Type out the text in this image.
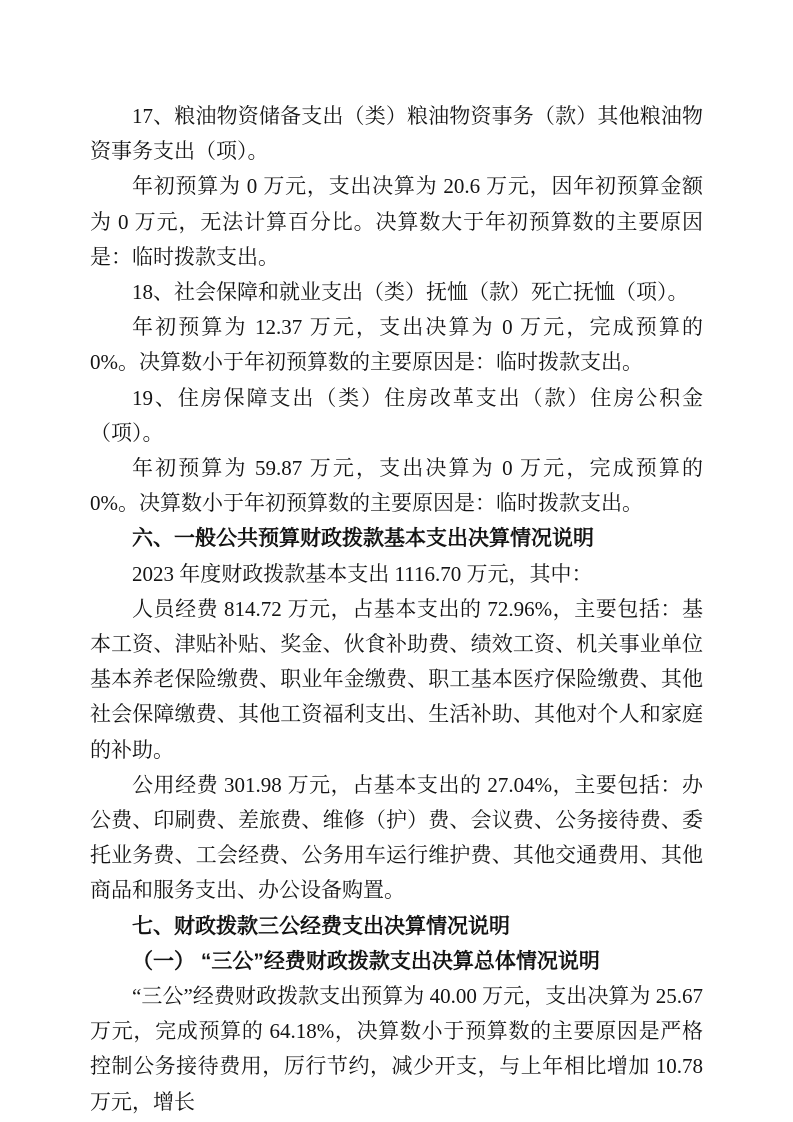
17、粮油物资储备支出（类）粮油物资事务（款）其他粮油物资事务支出（项）。

年初预算为 0 万元，支出决算为 20.6 万元，因年初预算金额为 0 万元，无法计算百分比。决算数大于年初预算数的主要原因是：临时拨款支出。

18、社会保障和就业支出（类）抚恤（款）死亡抚恤（项）。

年初预算为 12.37 万元，支出决算为 0 万元，完成预算的 0%。决算数小于年初预算数的主要原因是：临时拨款支出。

19、住房保障支出（类）住房改革支出（款）住房公积金（项）。

年初预算为 59.87 万元，支出决算为 0 万元，完成预算的 0%。决算数小于年初预算数的主要原因是：临时拨款支出。

六、一般公共预算财政拨款基本支出决算情况说明

2023 年度财政拨款基本支出 1116.70 万元，其中：

人员经费 814.72 万元，占基本支出的 72.96%，主要包括：基本工资、津贴补贴、奖金、伙食补助费、绩效工资、机关事业单位基本养老保险缴费、职业年金缴费、职工基本医疗保险缴费、其他社会保障缴费、其他工资福利支出、生活补助、其他对个人和家庭的补助。

公用经费 301.98 万元，占基本支出的 27.04%，主要包括：办公费、印刷费、差旅费、维修（护）费、会议费、公务接待费、委托业务费、工会经费、公务用车运行维护费、其他交通费用、其他商品和服务支出、办公设备购置。

七、财政拨款三公经费支出决算情况说明

（一） “三公”经费财政拨款支出决算总体情况说明

“三公”经费财政拨款支出预算为 40.00 万元，支出决算为 25.67 万元，完成预算的 64.18%，决算数小于预算数的主要原因是严格控制公务接待费用，厉行节约，减少开支，与上年相比增加 10.78 万元，增长
